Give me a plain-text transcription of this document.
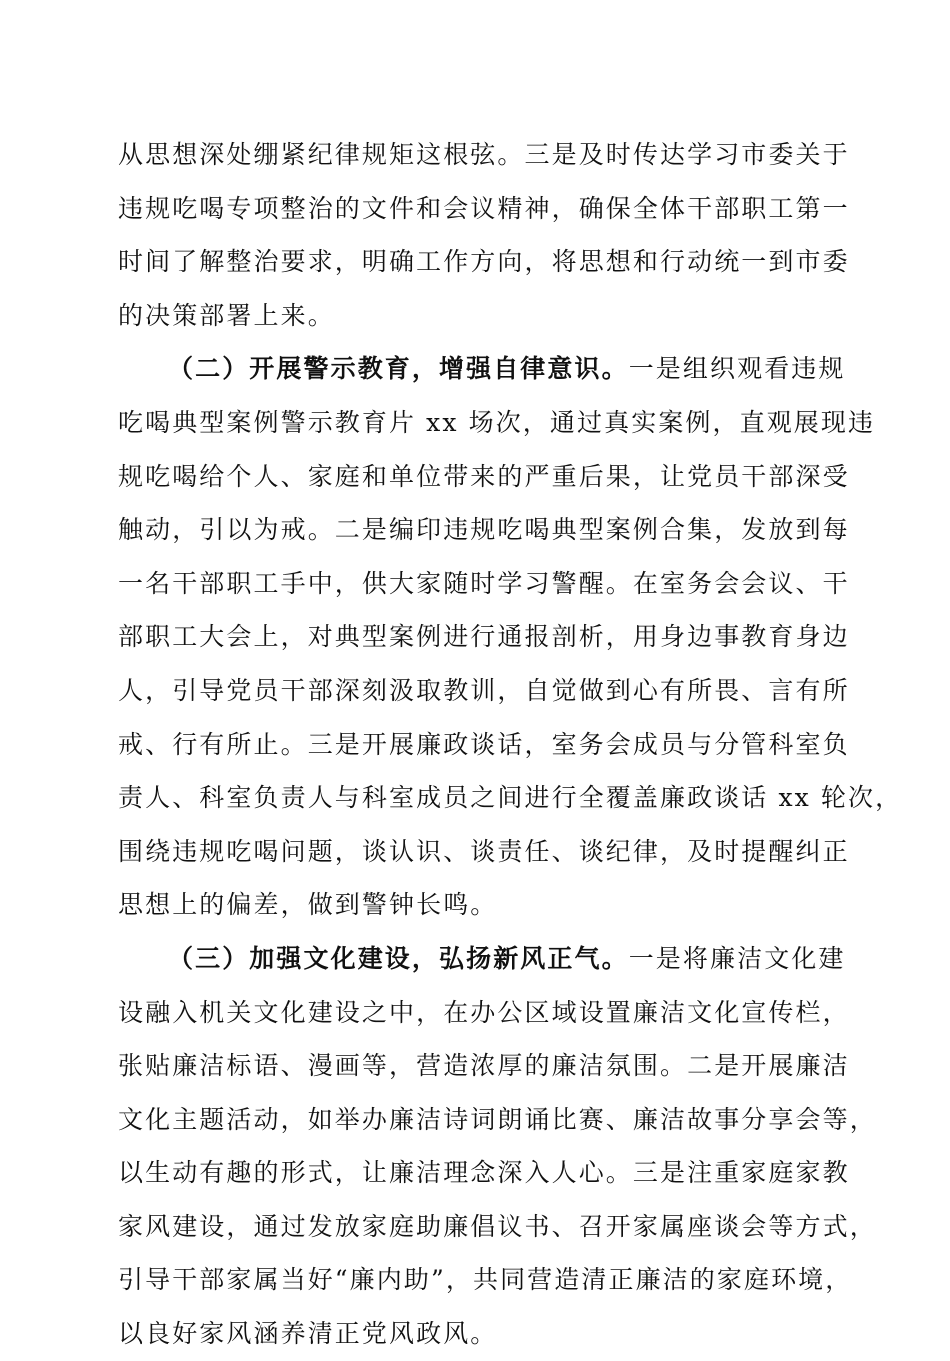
从思想深处绷紧纪律规矩这根弦。三是及时传达学习市委关于
违规吃喝专项整治的文件和会议精神，确保全体干部职工第一
时间了解整治要求，明确工作方向，将思想和行动统一到市委
的决策部署上来。
（二）开展警示教育，增强自律意识。一是组织观看违规
吃喝典型案例警示教育片 xx 场次，通过真实案例，直观展现违
规吃喝给个人、家庭和单位带来的严重后果，让党员干部深受
触动，引以为戒。二是编印违规吃喝典型案例合集，发放到每
一名干部职工手中，供大家随时学习警醒。在室务会会议、干
部职工大会上，对典型案例进行通报剖析，用身边事教育身边
人，引导党员干部深刻汲取教训，自觉做到心有所畏、言有所
戒、行有所止。三是开展廉政谈话，室务会成员与分管科室负
责人、科室负责人与科室成员之间进行全覆盖廉政谈话 xx 轮次，
围绕违规吃喝问题，谈认识、谈责任、谈纪律，及时提醒纠正
思想上的偏差，做到警钟长鸣。
（三）加强文化建设，弘扬新风正气。一是将廉洁文化建
设融入机关文化建设之中，在办公区域设置廉洁文化宣传栏，
张贴廉洁标语、漫画等，营造浓厚的廉洁氛围。二是开展廉洁
文化主题活动，如举办廉洁诗词朗诵比赛、廉洁故事分享会等，
以生动有趣的形式，让廉洁理念深入人心。三是注重家庭家教
家风建设，通过发放家庭助廉倡议书、召开家属座谈会等方式，
引导干部家属当好“廉内助”，共同营造清正廉洁的家庭环境，
以良好家风涵养清正党风政风。
